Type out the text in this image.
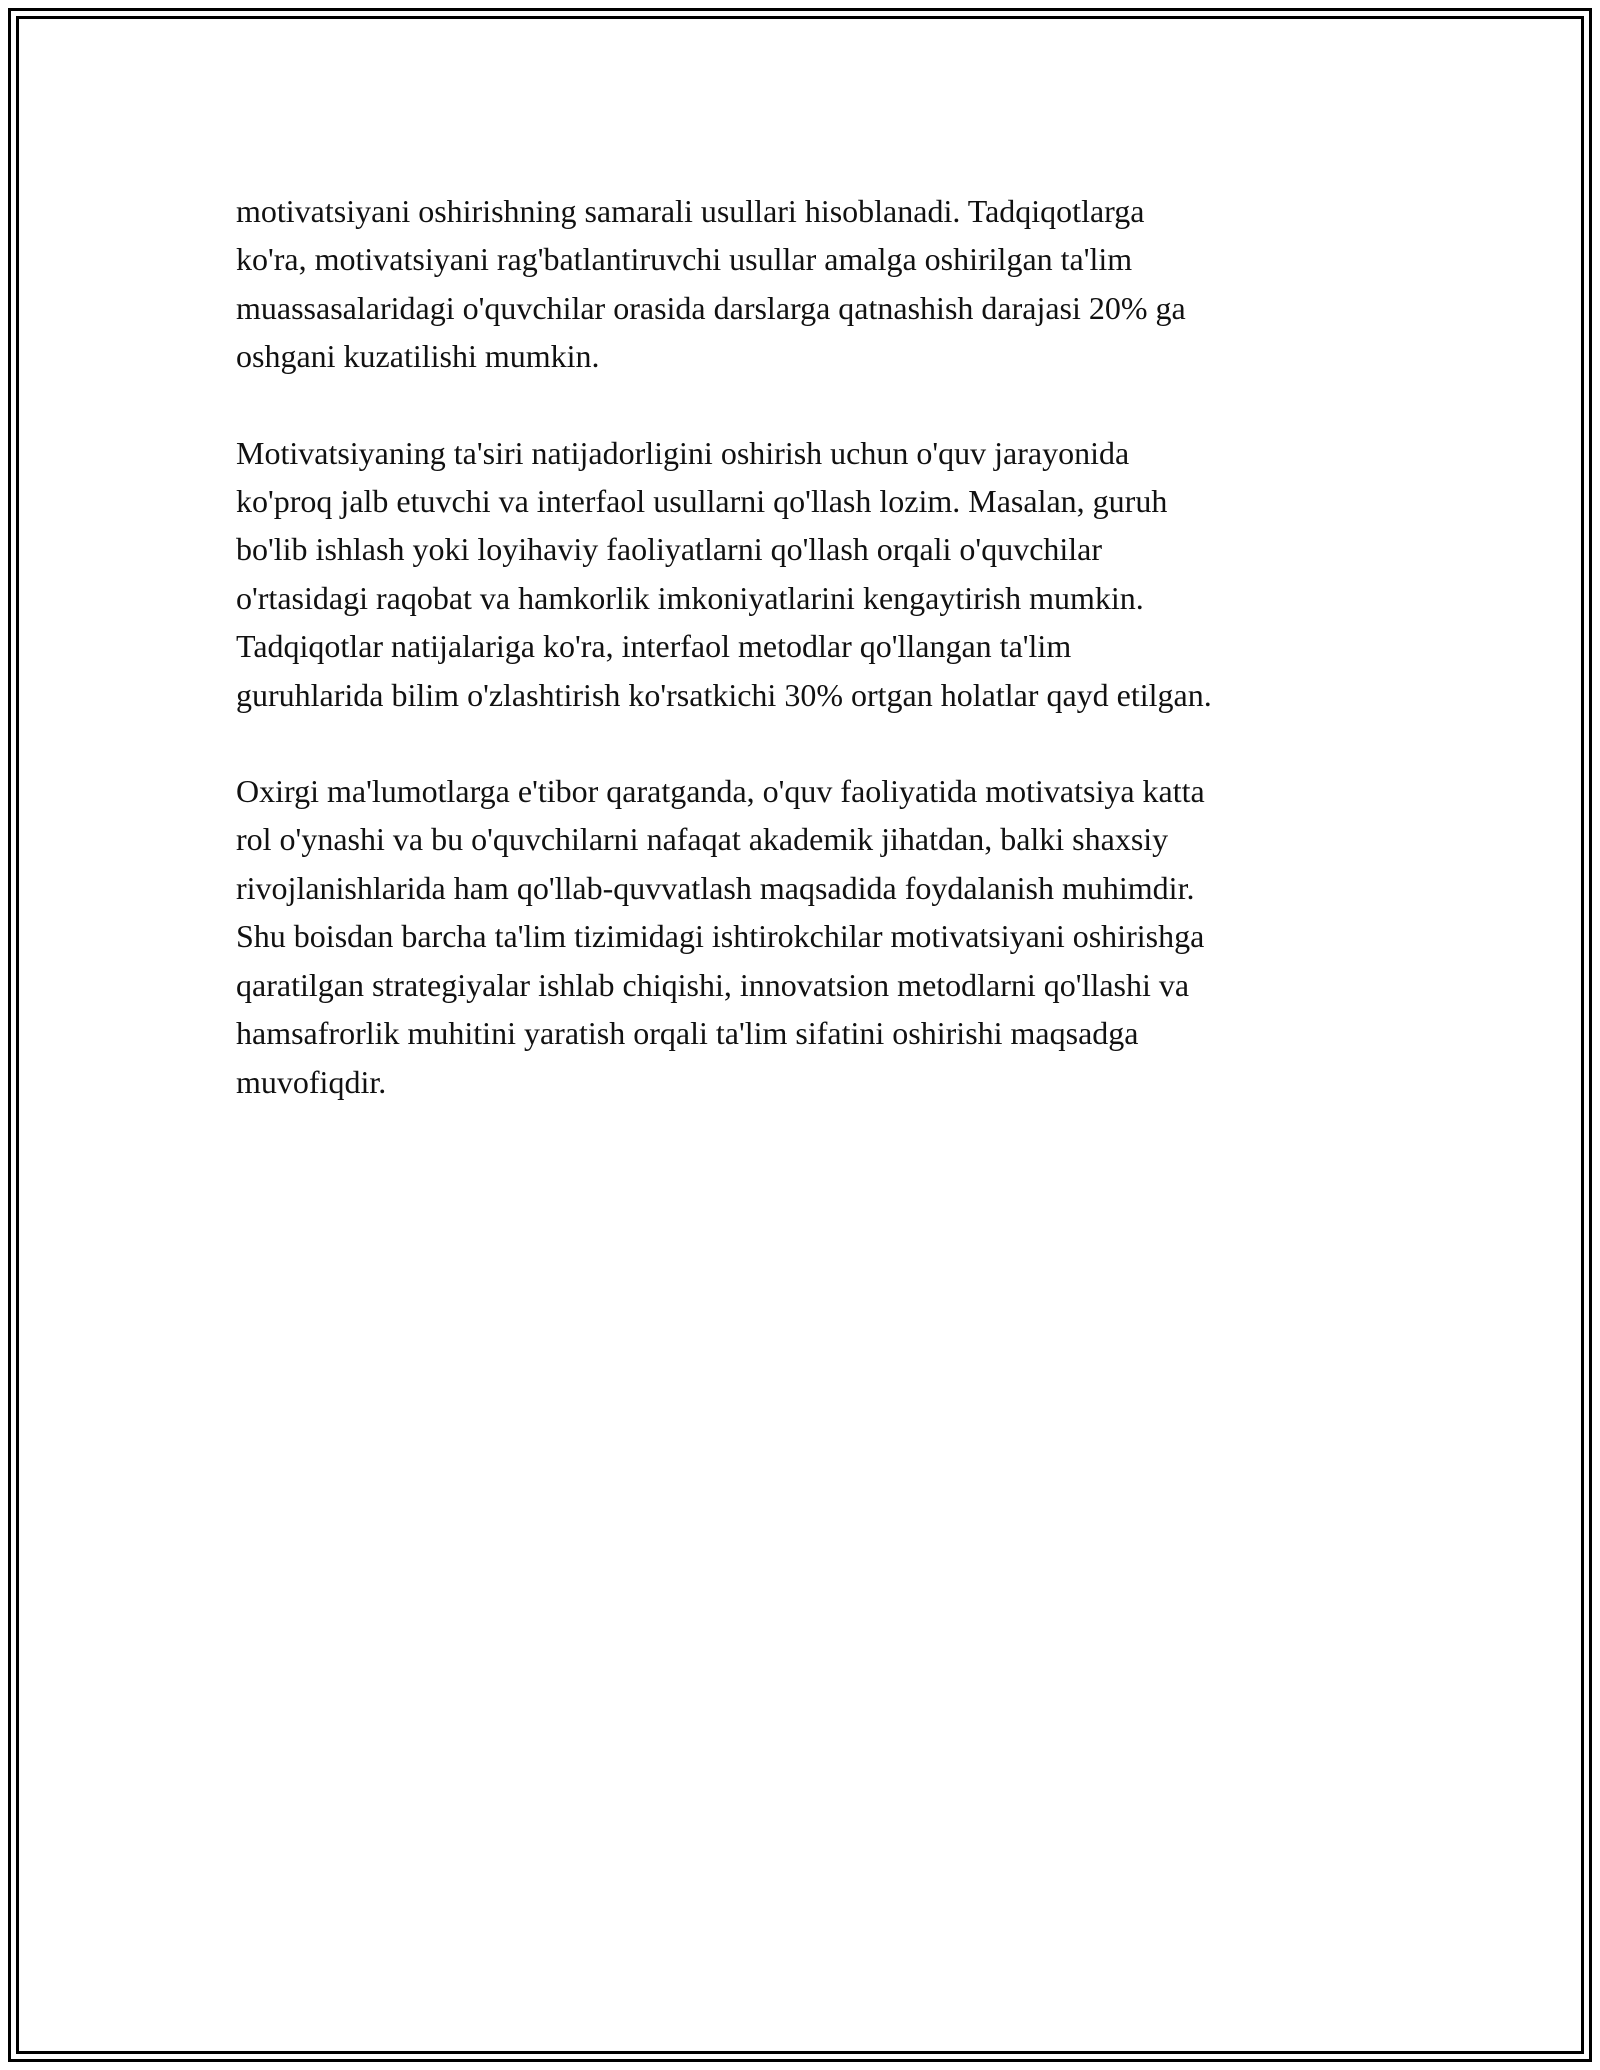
motivatsiyani oshirishning samarali usullari hisoblanadi. Tadqiqotlarga
ko'ra, motivatsiyani rag'batlantiruvchi usullar amalga oshirilgan ta'lim
muassasalaridagi o'quvchilar orasida darslarga qatnashish darajasi 20% ga
oshgani kuzatilishi mumkin.

Motivatsiyaning ta'siri natijadorligini oshirish uchun o'quv jarayonida
ko'proq jalb etuvchi va interfaol usullarni qo'llash lozim. Masalan, guruh
bo'lib ishlash yoki loyihaviy faoliyatlarni qo'llash orqali o'quvchilar
o'rtasidagi raqobat va hamkorlik imkoniyatlarini kengaytirish mumkin.
Tadqiqotlar natijalariga ko'ra, interfaol metodlar qo'llangan ta'lim
guruhlarida bilim o'zlashtirish ko'rsatkichi 30% ortgan holatlar qayd etilgan.

Oxirgi ma'lumotlarga e'tibor qaratganda, o'quv faoliyatida motivatsiya katta
rol o'ynashi va bu o'quvchilarni nafaqat akademik jihatdan, balki shaxsiy
rivojlanishlarida ham qo'llab-quvvatlash maqsadida foydalanish muhimdir.
Shu boisdan barcha ta'lim tizimidagi ishtirokchilar motivatsiyani oshirishga
qaratilgan strategiyalar ishlab chiqishi, innovatsion metodlarni qo'llashi va
hamsafrorlik muhitini yaratish orqali ta'lim sifatini oshirishi maqsadga
muvofiqdir.
